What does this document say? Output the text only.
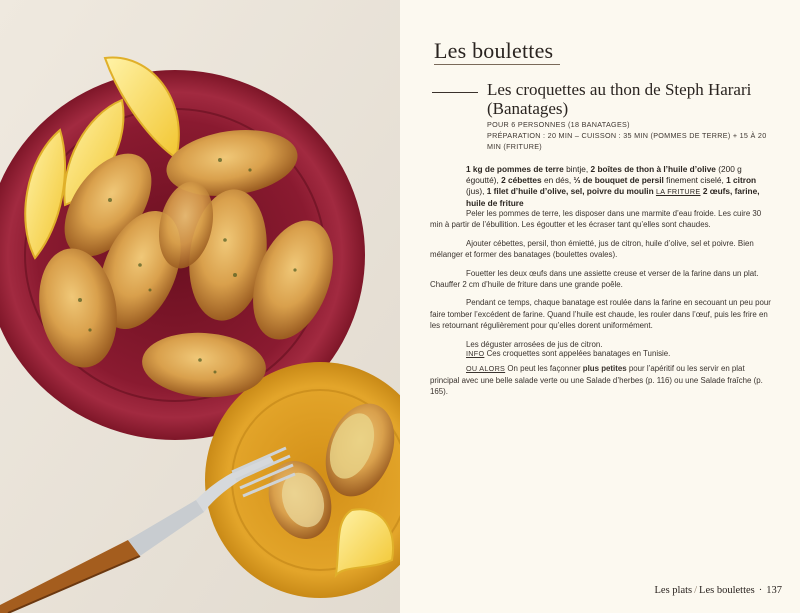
Les boulettes
Les croquettes au thon de Steph Harari (Banatages)
POUR 6 PERSONNES (18 BANATAGES)
PRÉPARATION : 20 MIN – CUISSON : 35 MIN (POMMES DE TERRE) + 15 À 20 MIN (FRITURE)
1 kg de pommes de terre bintje, 2 boîtes de thon à l’huile d’olive (200 g égoutté), 2 cébettes en dés, ⅓ de bouquet de persil finement ciselé, 1 citron (jus), 1 filet d’huile d’olive, sel, poivre du moulin LA FRITURE 2 œufs, farine, huile de friture

Peler les pommes de terre, les disposer dans une marmite d’eau froide. Les cuire 30 min à partir de l’ébullition. Les égoutter et les écraser tant qu’elles sont chaudes.

Ajouter cébettes, persil, thon émietté, jus de citron, huile d’olive, sel et poivre. Bien mélanger et former des banatages (boulettes ovales).

Fouetter les deux œufs dans une assiette creuse et verser de la farine dans un plat. Chauffer 2 cm d’huile de friture dans une grande poêle.

Pendant ce temps, chaque banatage est roulée dans la farine en secouant un peu pour faire tomber l’excédent de farine. Quand l’huile est chaude, les rouler dans l’œuf, puis les frire en les retournant régulièrement pour qu’elles dorent uniformément.

Les déguster arrosées de jus de citron.

INFO Ces croquettes sont appelées banatages en Tunisie.

OU ALORS On peut les façonner plus petites pour l’apéritif ou les servir en plat principal avec une belle salade verte ou une Salade d’herbes (p. 116) ou une Salade fraîche (p. 165).

Les plats / Les boulettes · 137
